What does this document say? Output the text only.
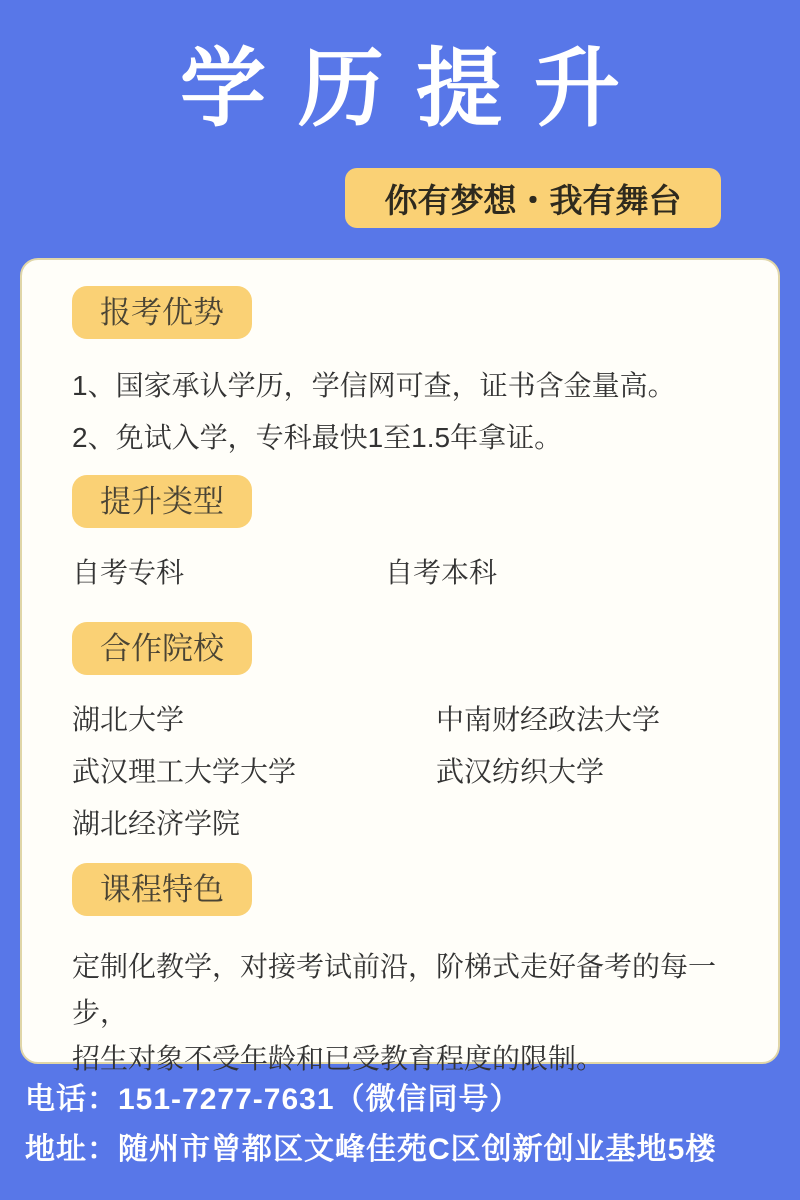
学历提升
你有梦想・我有舞台
报考优势
1、国家承认学历，学信网可查，证书含金量高。
2、免试入学，专科最快1至1.5年拿证。
提升类型
自考专科	自考本科
合作院校
湖北大学	中南财经政法大学
武汉理工大学大学	武汉纺织大学
湖北经济学院
课程特色
定制化教学，对接考试前沿，阶梯式走好备考的每一步，
招生对象不受年龄和已受教育程度的限制。
电话：151-7277-7631（微信同号）
地址：随州市曾都区文峰佳苑C区创新创业基地5楼
